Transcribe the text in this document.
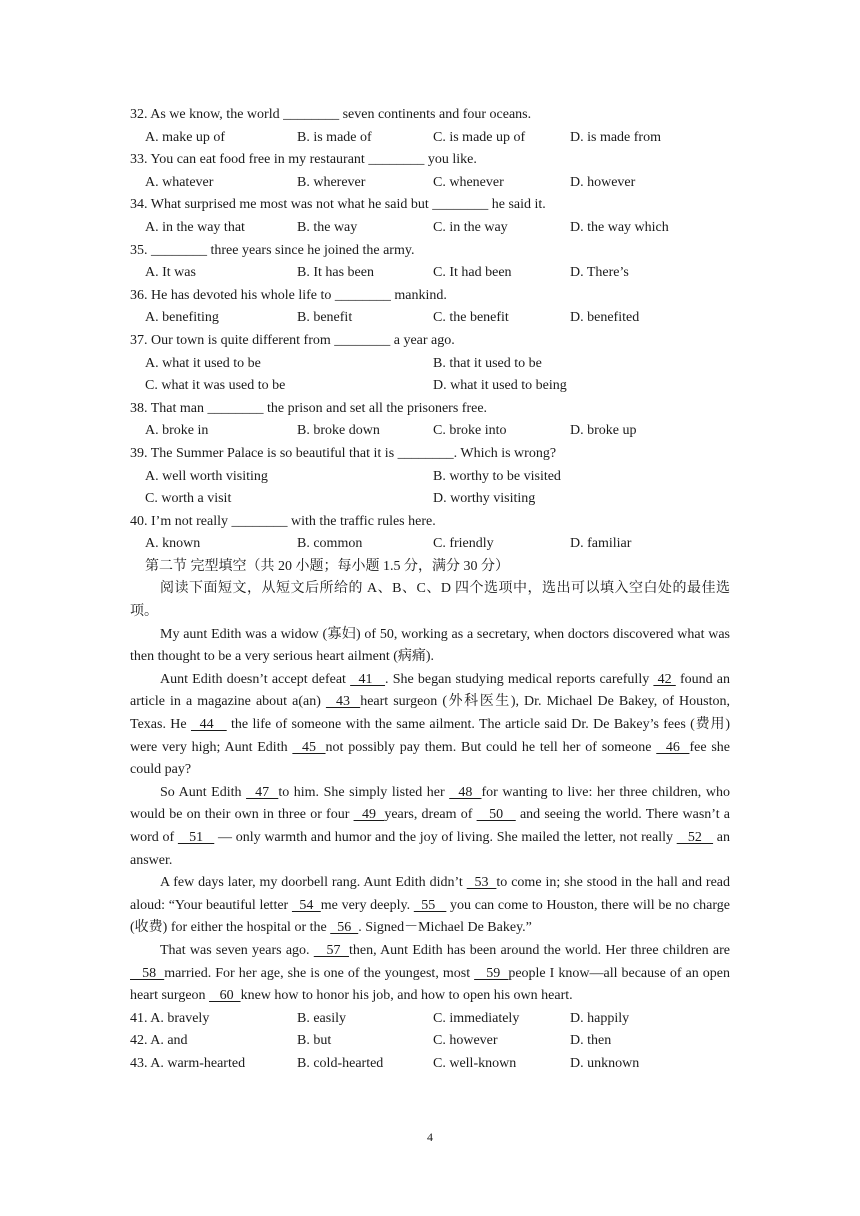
32. As we know, the world ________ seven continents and four oceans.
A. make up of	B. is made of	C. is made up of	D. is made from
33. You can eat food free in my restaurant ________ you like.
A. whatever	B. wherever	C. whenever	D. however
34. What surprised me most was not what he said but ________ he said it.
A. in the way that	B. the way	C. in the way	D. the way which
35. ________ three years since he joined the army.
A. It was	B. It has been	C. It had been	D. There’s
36. He has devoted his whole life to ________ mankind.
A. benefiting	B. benefit	C. the benefit	D. benefited
37. Our town is quite different from ________ a year ago.
A. what it used to be	B. that it used to be
C. what it was used to be	D. what it used to being
38. That man ________ the prison and set all the prisoners free.
A. broke in	B. broke down	C. broke into	D. broke up
39. The Summer Palace is so beautiful that it is ________. Which is wrong?
A. well worth visiting	B. worthy to be visited
C. worth a visit	D. worthy visiting
40. I’m not really ________ with the traffic rules here.
A. known	B. common	C. friendly	D. familiar
第二节 完型填空（共 20 小题；每小题 1.5 分，满分 30 分）
阅读下面短文，从短文后所给的 A、B、C、D 四个选项中，选出可以填入空白处的最佳选项。
My aunt Edith was a widow (寡妇) of 50, working as a secretary, when doctors discovered what was then thought to be a very serious heart ailment (病痛).
Aunt Edith doesn’t accept defeat   41   . She began studying medical reports carefully  42  found an article in a magazine about a(an)   43  heart surgeon (外科医生), Dr. Michael De Bakey, of Houston, Texas. He   44    the life of someone with the same ailment. The article said Dr. De Bakey’s fees (费用) were very high; Aunt Edith   45  not possibly pay them. But could he tell her of someone   46  fee she could pay?
So Aunt Edith   47  to him. She simply listed her   48  for wanting to live: her three children, who would be on their own in three or four   49  years, dream of    50    and seeing the world. There wasn’t a word of    51    — only warmth and humor and the joy of living. She mailed the letter, not really    52    an answer.
A few days later, my doorbell rang. Aunt Edith didn’t   53  to come in; she stood in the hall and read aloud: “Your beautiful letter   54  me very deeply.   55    you can come to Houston, there will be no charge (收费) for either the hospital or the   56  . Signed－Michael De Bakey.”
That was seven years ago.    57  then, Aunt Edith has been around the world. Her three children are    58  married. For her age, she is one of the youngest, most    59  people I know—all because of an open heart surgeon    60  knew how to honor his job, and how to open his own heart.
41. A. bravely	B. easily	C. immediately	D. happily
42. A. and	B. but	C. however	D. then
43. A. warm-hearted	B. cold-hearted	C. well-known	D. unknown
4
